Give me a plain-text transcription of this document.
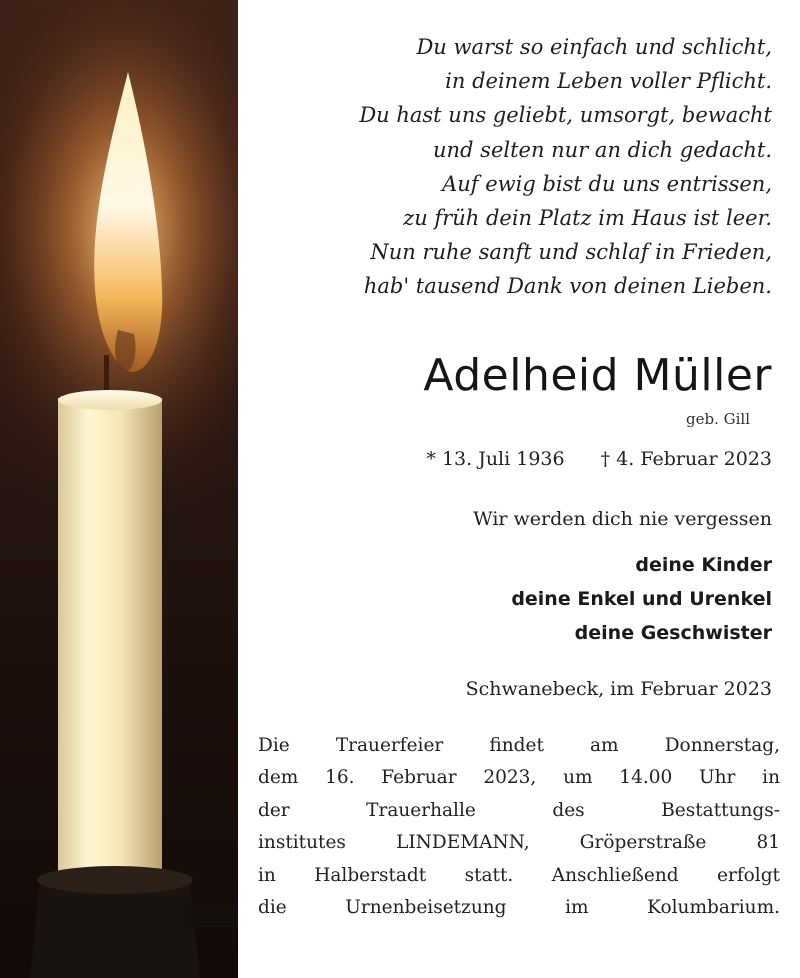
Du warst so einfach und schlicht,
in deinem Leben voller Pflicht.
Du hast uns geliebt, umsorgt, bewacht
und selten nur an dich gedacht.
Auf ewig bist du uns entrissen,
zu früh dein Platz im Haus ist leer.
Nun ruhe sanft und schlaf in Frieden,
hab' tausend Dank von deinen Lieben.
Adelheid Müller
geb. Gill
* 13. Juli 1936 † 4. Februar 2023
Wir werden dich nie vergessen
deine Kinder
deine Enkel und Urenkel
deine Geschwister
Schwanebeck, im Februar 2023
Die Trauerfeier findet am Donnerstag,
dem 16. Februar 2023, um 14.00 Uhr in
der Trauerhalle des Bestattungs-
institutes LINDEMANN, Gröperstraße 81
in Halberstadt statt. Anschließend erfolgt
die Urnenbeisetzung im Kolumbarium.
